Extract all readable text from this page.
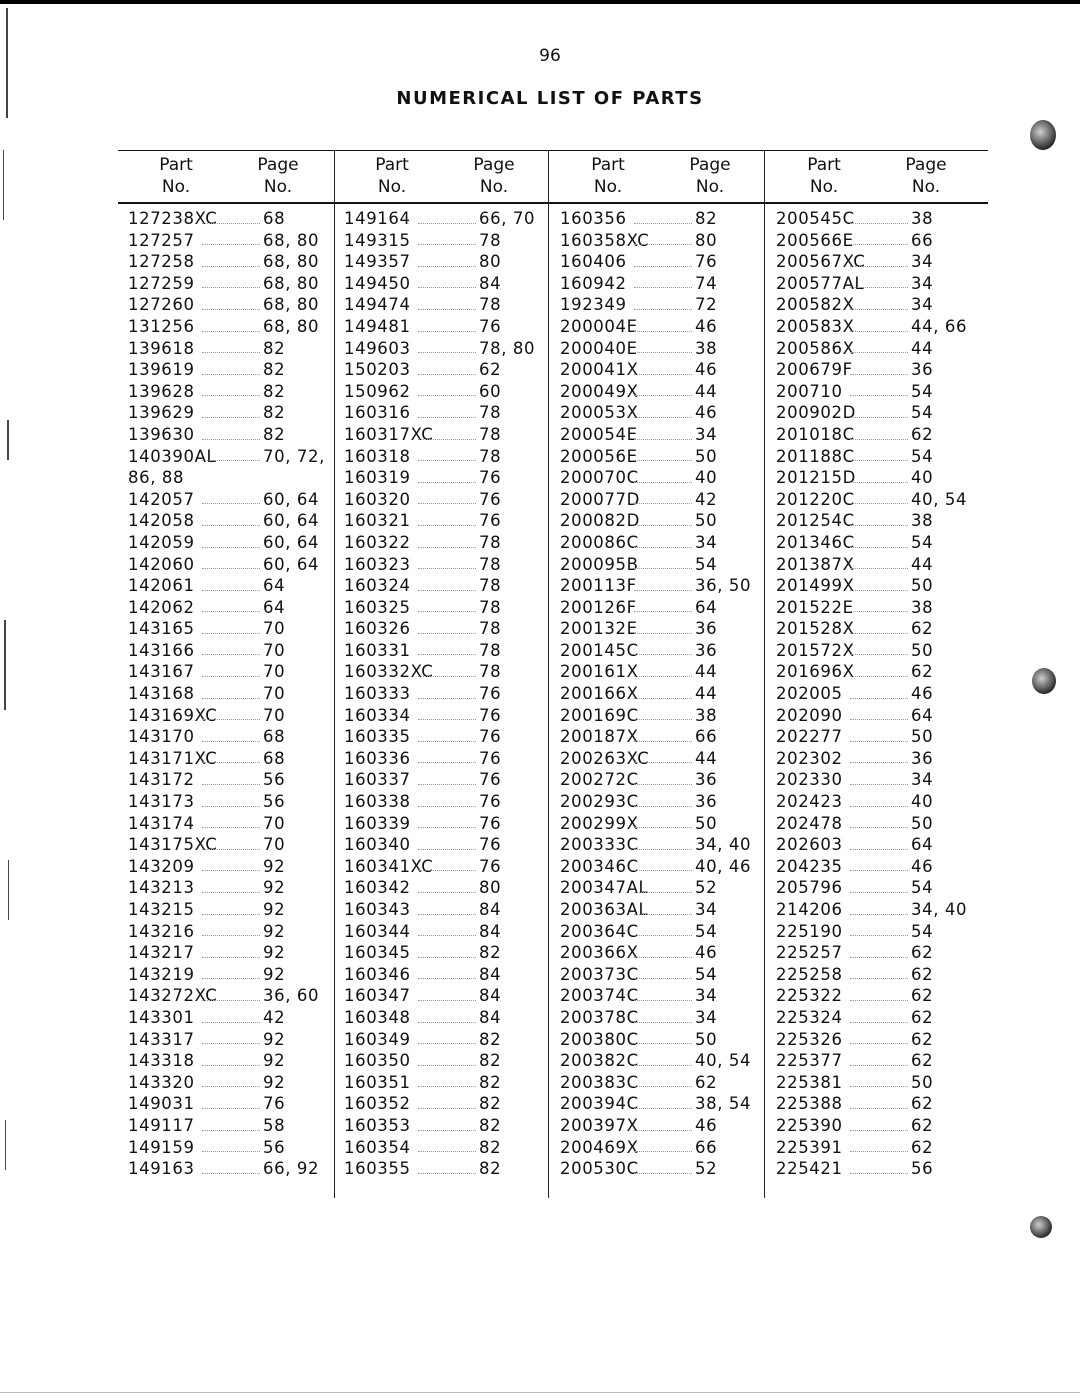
96
NUMERICAL LIST OF PARTS
Part
No.
Page
No.
127238XC	68
127257	68, 80
127258	68, 80
127259	68, 80
127260	68, 80
131256	68, 80
139618	82
139619	82
139628	82
139629	82
139630	82
140390AL	70, 72,
86, 88
142057	60, 64
142058	60, 64
142059	60, 64
142060	60, 64
142061	64
142062	64
143165	70
143166	70
143167	70
143168	70
143169XC	70
143170	68
143171XC	68
143172	56
143173	56
143174	70
143175XC	70
143209	92
143213	92
143215	92
143216	92
143217	92
143219	92
143272XC	36, 60
143301	42
143317	92
143318	92
143320	92
149031	76
149117	58
149159	56
149163	66, 92
Part
No.
Page
No.
149164	66, 70
149315	78
149357	80
149450	84
149474	78
149481	76
149603	78, 80
150203	62
150962	60
160316	78
160317XC	78
160318	78
160319	76
160320	76
160321	76
160322	78
160323	78
160324	78
160325	78
160326	78
160331	78
160332XC	78
160333	76
160334	76
160335	76
160336	76
160337	76
160338	76
160339	76
160340	76
160341XC	76
160342	80
160343	84
160344	84
160345	82
160346	84
160347	84
160348	84
160349	82
160350	82
160351	82
160352	82
160353	82
160354	82
160355	82
Part
No.
Page
No.
160356	82
160358XC	80
160406	76
160942	74
192349	72
200004E	46
200040E	38
200041X	46
200049X	44
200053X	46
200054E	34
200056E	50
200070C	40
200077D	42
200082D	50
200086C	34
200095B	54
200113F	36, 50
200126F	64
200132E	36
200145C	36
200161X	44
200166X	44
200169C	38
200187X	66
200263XC	44
200272C	36
200293C	36
200299X	50
200333C	34, 40
200346C	40, 46
200347AL	52
200363AL	34
200364C	54
200366X	46
200373C	54
200374C	34
200378C	34
200380C	50
200382C	40, 54
200383C	62
200394C	38, 54
200397X	46
200469X	66
200530C	52
Part
No.
Page
No.
200545C	38
200566E	66
200567XC	34
200577AL	34
200582X	34
200583X	44, 66
200586X	44
200679F	36
200710	54
200902D	54
201018C	62
201188C	54
201215D	40
201220C	40, 54
201254C	38
201346C	54
201387X	44
201499X	50
201522E	38
201528X	62
201572X	50
201696X	62
202005	46
202090	64
202277	50
202302	36
202330	34
202423	40
202478	50
202603	64
204235	46
205796	54
214206	34, 40
225190	54
225257	62
225258	62
225322	62
225324	62
225326	62
225377	62
225381	50
225388	62
225390	62
225391	62
225421	56
